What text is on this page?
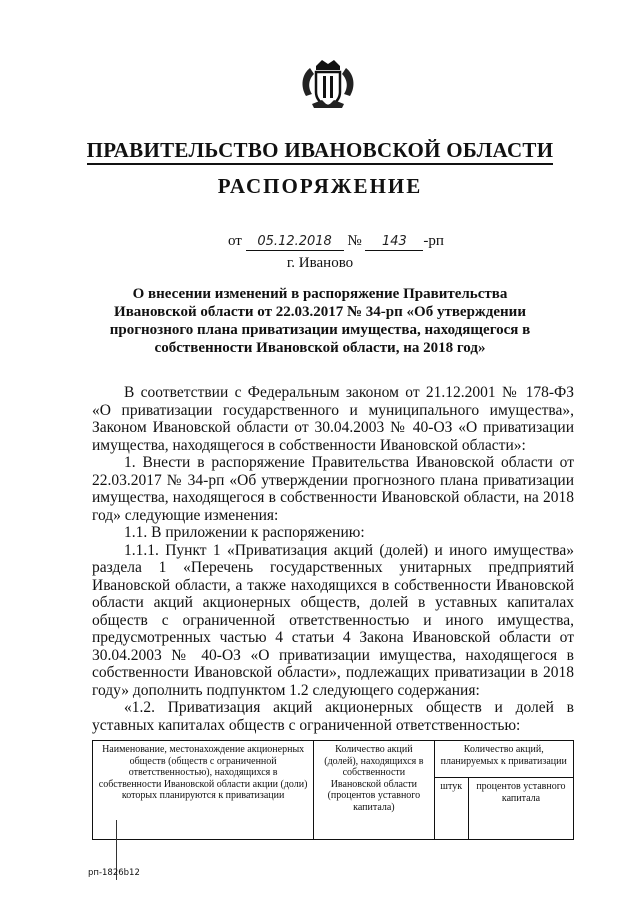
ПРАВИТЕЛЬСТВО ИВАНОВСКОЙ ОБЛАСТИ
РАСПОРЯЖЕНИЕ
от 05.12.2018 № 143 -рп
г. Иваново
О внесении изменений в распоряжение Правительства Ивановской области от 22.03.2017 № 34-рп «Об утверждении прогнозного плана приватизации имущества, находящегося в собственности Ивановской области, на 2018 год»

В соответствии с Федеральным законом от 21.12.2001 № 178-ФЗ «О приватизации государственного и муниципального имущества», Законом Ивановской области от 30.04.2003 № 40-ОЗ «О приватизации имущества, находящегося в собственности Ивановской области»:

1. Внести в распоряжение Правительства Ивановской области от 22.03.2017 № 34-рп «Об утверждении прогнозного плана приватизации имущества, находящегося в собственности Ивановской области, на 2018 год» следующие изменения:

1.1. В приложении к распоряжению:

1.1.1. Пункт 1 «Приватизация акций (долей) и иного имущества» раздела 1 «Перечень государственных унитарных предприятий Ивановской области, а также находящихся в собственности Ивановской области акций акционерных обществ, долей в уставных капиталах обществ с ограниченной ответственностью и иного имущества, предусмотренных частью 4 статьи 4 Закона Ивановской области от 30.04.2003 № 40-ОЗ «О приватизации имущества, находящегося в собственности Ивановской области», подлежащих приватизации в 2018 году» дополнить подпунктом 1.2 следующего содержания:

«1.2. Приватизация акций акционерных обществ и долей в уставных капиталах обществ с ограниченной ответственностью:

Наименование, местонахождение акционерных обществ (обществ с ограниченной ответственностью), находящихся в собственности Ивановской области акции (доли) которых планируются к приватизации	Количество акций (долей), находящихся в собственности Ивановской области (процентов уставного капитала)	Количество акций, планируемых к приватизации	
		штук	процентов уставного капитала
рп-1826b12
